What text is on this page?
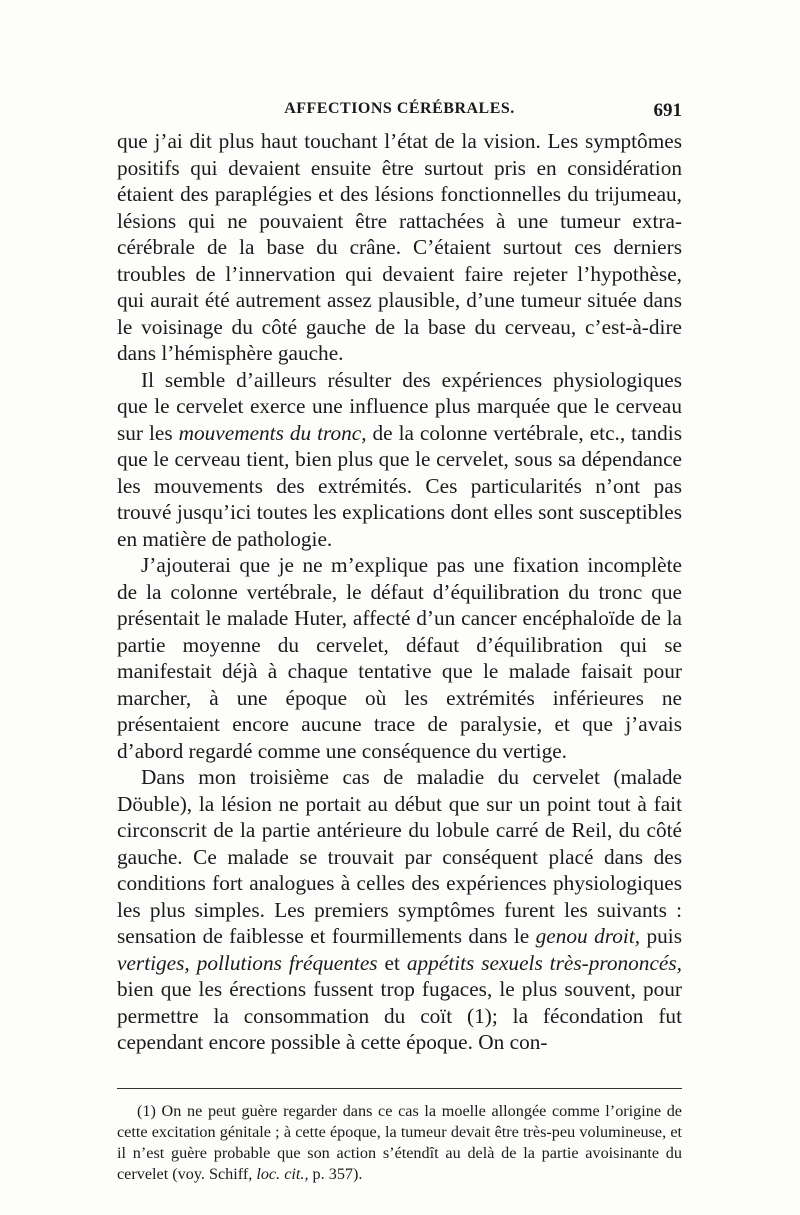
AFFECTIONS CÉRÉBRALES.	691

que j’ai dit plus haut touchant l’état de la vision. Les symptômes positifs qui devaient ensuite être surtout pris en considération étaient des paraplégies et des lésions fonctionnelles du trijumeau, lésions qui ne pouvaient être rattachées à une tumeur extra-cérébrale de la base du crâne. C’étaient surtout ces derniers troubles de l’innervation qui devaient faire rejeter l’hypothèse, qui aurait été autrement assez plausible, d’une tumeur située dans le voisinage du côté gauche de la base du cerveau, c’est-à-dire dans l’hémisphère gauche.

Il semble d’ailleurs résulter des expériences physiologiques que le cervelet exerce une influence plus marquée que le cerveau sur les mouvements du tronc, de la colonne vertébrale, etc., tandis que le cerveau tient, bien plus que le cervelet, sous sa dépendance les mouvements des extrémités. Ces particularités n’ont pas trouvé jusqu’ici toutes les explications dont elles sont susceptibles en matière de pathologie.

J’ajouterai que je ne m’explique pas une fixation incomplète de la colonne vertébrale, le défaut d’équilibration du tronc que présentait le malade Huter, affecté d’un cancer encéphaloïde de la partie moyenne du cervelet, défaut d’équilibration qui se manifestait déjà à chaque tentative que le malade faisait pour marcher, à une époque où les extrémités inférieures ne présentaient encore aucune trace de paralysie, et que j’avais d’abord regardé comme une conséquence du vertige.

Dans mon troisième cas de maladie du cervelet (malade Döuble), la lésion ne portait au début que sur un point tout à fait circonscrit de la partie antérieure du lobule carré de Reil, du côté gauche. Ce malade se trouvait par conséquent placé dans des conditions fort analogues à celles des expériences physiologiques les plus simples. Les premiers symptômes furent les suivants : sensation de faiblesse et fourmillements dans le genou droit, puis vertiges, pollutions fréquentes et appétits sexuels très-prononcés, bien que les érections fussent trop fugaces, le plus souvent, pour permettre la consommation du coït (1); la fécondation fut cependant encore possible à cette époque. On con-

(1) On ne peut guère regarder dans ce cas la moelle allongée comme l’origine de cette excitation génitale ; à cette époque, la tumeur devait être très-peu volumineuse, et il n’est guère probable que son action s’étendît au delà de la partie avoisinante du cervelet (voy. Schiff, loc. cit., p. 357).
